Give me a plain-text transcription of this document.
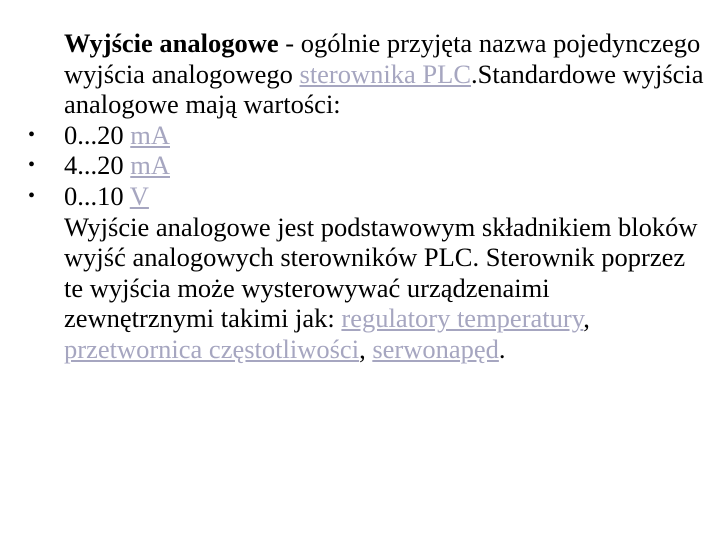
Wyjście analogowe - ogólnie przyjęta nazwa pojedynczego wyjścia analogowego sterownika PLC.Standardowe wyjścia analogowe mają wartości:

• 0...20 mA
• 4...20 mA
• 0...10 V

Wyjście analogowe jest podstawowym składnikiem bloków wyjść analogowych sterowników PLC. Sterownik poprzez te wyjścia może wysterowywać urządzenaimi zewnętrznymi takimi jak: regulatory temperatury, przetwornica częstotliwości, serwonapęd.
